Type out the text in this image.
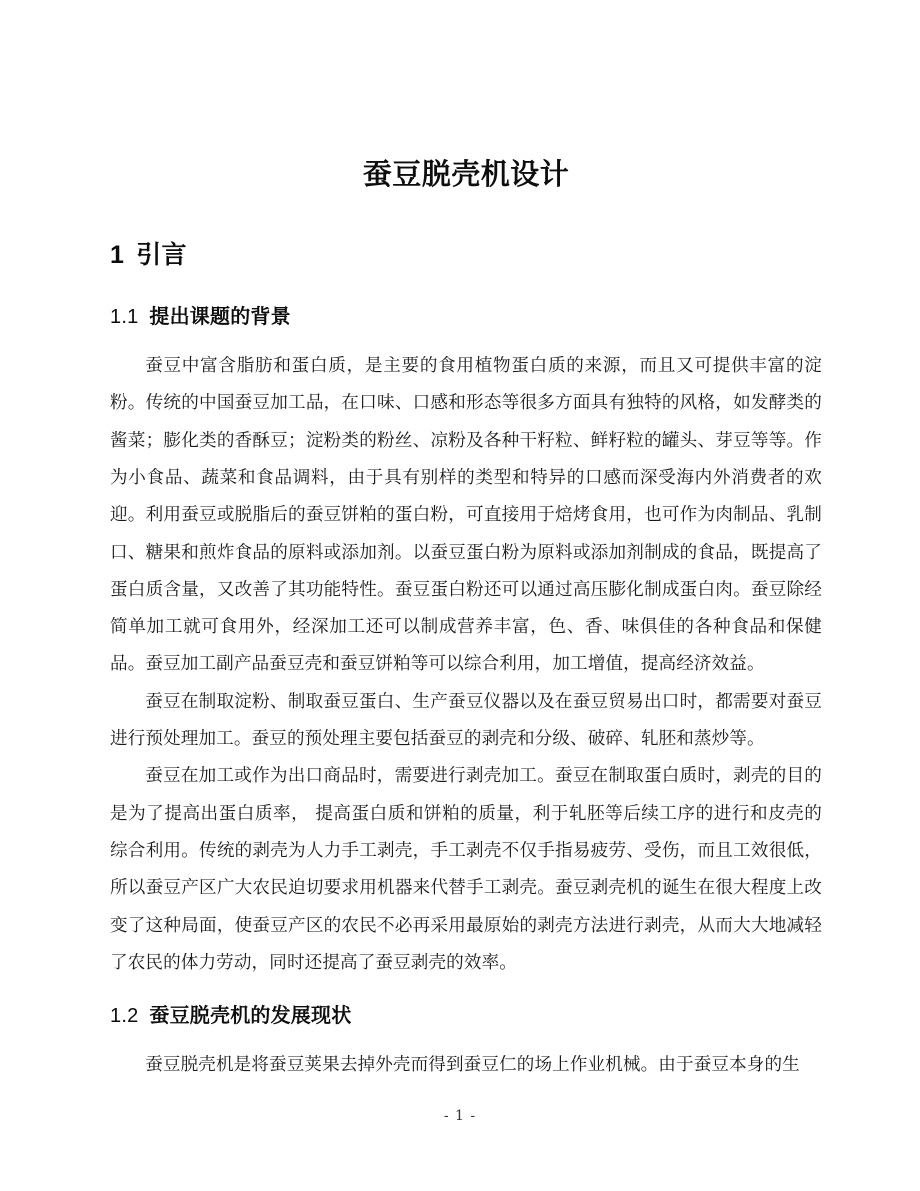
蚕豆脱壳机设计
1 引言
1.1 提出课题的背景

蚕豆中富含脂肪和蛋白质，是主要的食用植物蛋白质的来源，而且又可提供丰富的淀粉。传统的中国蚕豆加工品，在口味、口感和形态等很多方面具有独特的风格，如发酵类的酱菜；膨化类的香酥豆；淀粉类的粉丝、凉粉及各种干籽粒、鲜籽粒的罐头、芽豆等等。作为小食品、蔬菜和食品调料，由于具有别样的类型和特异的口感而深受海内外消费者的欢迎。利用蚕豆或脱脂后的蚕豆饼粕的蛋白粉，可直接用于焙烤食用，也可作为肉制品、乳制口、糖果和煎炸食品的原料或添加剂。以蚕豆蛋白粉为原料或添加剂制成的食品，既提高了蛋白质含量，又改善了其功能特性。蚕豆蛋白粉还可以通过高压膨化制成蛋白肉。蚕豆除经简单加工就可食用外，经深加工还可以制成营养丰富，色、香、味俱佳的各种食品和保健品。蚕豆加工副产品蚕豆壳和蚕豆饼粕等可以综合利用，加工增值，提高经济效益。

蚕豆在制取淀粉、制取蚕豆蛋白、生产蚕豆仪器以及在蚕豆贸易出口时，都需要对蚕豆进行预处理加工。蚕豆的预处理主要包括蚕豆的剥壳和分级、破碎、轧胚和蒸炒等。

蚕豆在加工或作为出口商品时，需要进行剥壳加工。蚕豆在制取蛋白质时，剥壳的目的是为了提高出蛋白质率， 提高蛋白质和饼粕的质量，利于轧胚等后续工序的进行和皮壳的综合利用。传统的剥壳为人力手工剥壳，手工剥壳不仅手指易疲劳、受伤，而且工效很低，所以蚕豆产区广大农民迫切要求用机器来代替手工剥壳。蚕豆剥壳机的诞生在很大程度上改变了这种局面，使蚕豆产区的农民不必再采用最原始的剥壳方法进行剥壳，从而大大地减轻了农民的体力劳动，同时还提高了蚕豆剥壳的效率。

1.2 蚕豆脱壳机的发展现状

蚕豆脱壳机是将蚕豆荚果去掉外壳而得到蚕豆仁的场上作业机械。由于蚕豆本身的生

- 1 -
